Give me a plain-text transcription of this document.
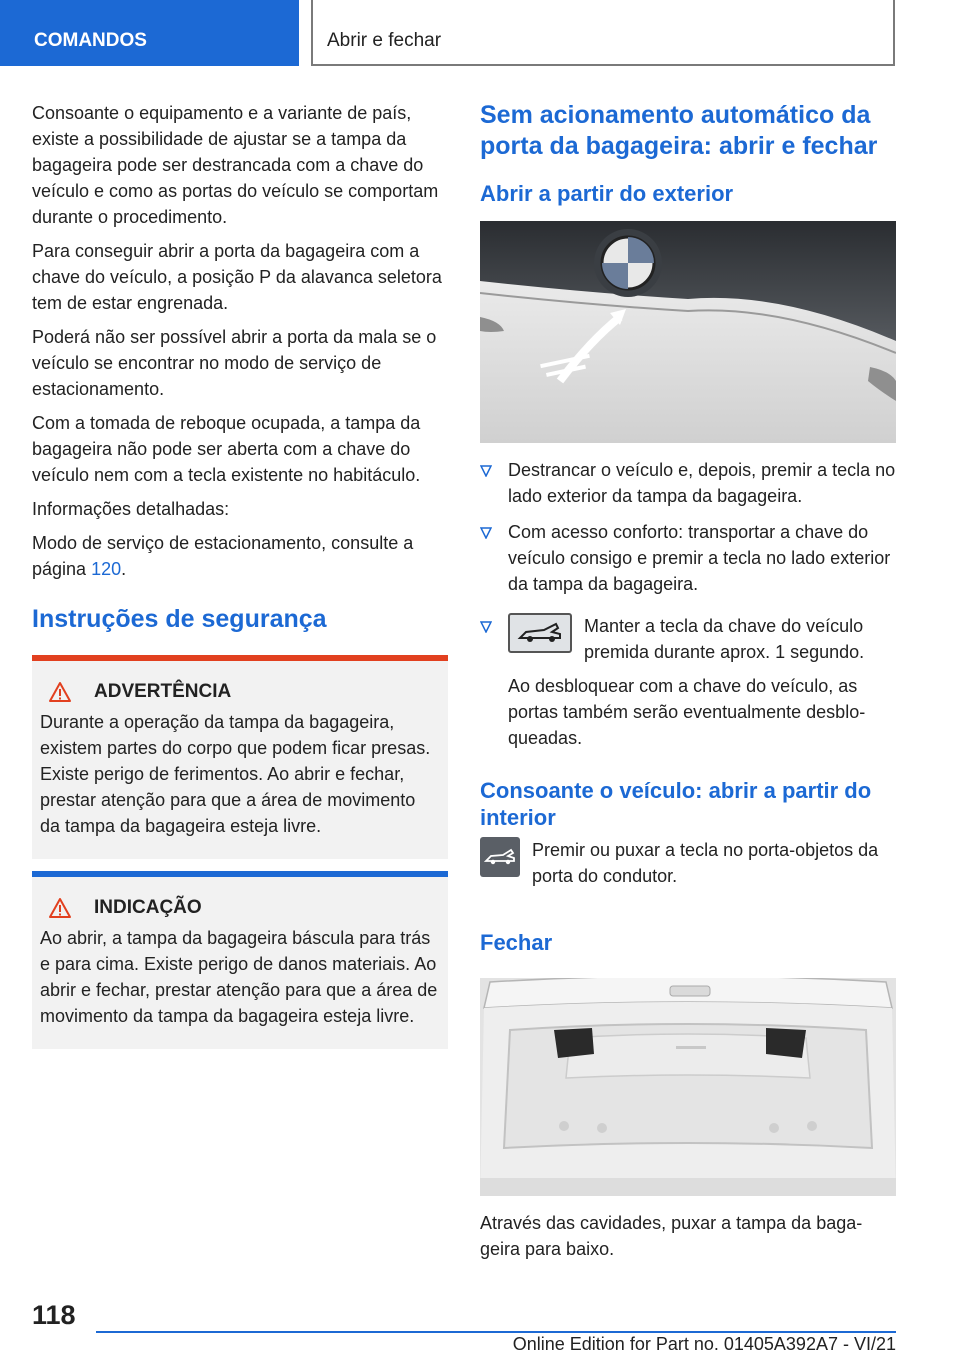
COMANDOS	Abrir e fechar

Consoante o equipamento e a variante de país, existe a possibilidade de ajustar se a tampa da bagageira pode ser destrancada com a chave do veículo e como as portas do veículo se comportam durante o procedimento.

Para conseguir abrir a porta da bagageira com a chave do veículo, a posição P da alavanca seletora tem de estar engrenada.

Poderá não ser possível abrir a porta da mala se o veículo se encontrar no modo de serviço de estacionamento.

Com a tomada de reboque ocupada, a tampa da bagageira não pode ser aberta com a chave do veículo nem com a tecla existente no habitáculo.

Informações detalhadas:

Modo de serviço de estacionamento, consulte a página 120.

Instruções de segurança
ADVERTÊNCIA
Durante a operação da tampa da bagageira, existem partes do corpo que podem ficar presas. Existe perigo de ferimentos. Ao abrir e fechar, prestar atenção para que a área de movimento da tampa da bagageira esteja livre.
INDICAÇÃO
Ao abrir, a tampa da bagageira báscula para trás e para cima. Existe perigo de danos materiais. Ao abrir e fechar, prestar atenção para que a área de movimento da tampa da bagageira esteja livre.
Sem acionamento automático da porta da bagageira: abrir e fechar
Abrir a partir do exterior
Destrancar o veículo e, depois, premir a tecla no lado exterior da tampa da bagageira.
Com acesso conforto: transportar a chave do veículo consigo e premir a tecla no lado exterior da tampa da bagageira.
Manter a tecla da chave do veículo premida durante aprox. 1 segundo.
Ao desbloquear com a chave do veículo, as portas também serão eventualmente desbloqueadas.
Consoante o veículo: abrir a partir do interior
Premir ou puxar a tecla no porta-objetos da porta do condutor.
Fechar

Através das cavidades, puxar a tampa da bagageira para baixo.

118
Online Edition for Part no. 01405A392A7 - VI/21
